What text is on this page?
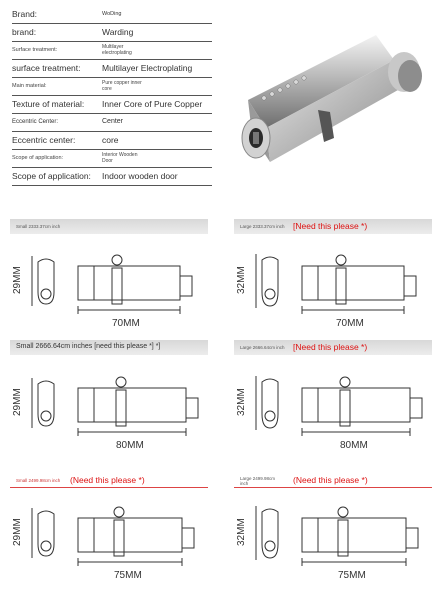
Brand:	WoDing
brand:	Warding
Surface treatment:	Multilayer electroplating
surface treatment:	Multilayer Electroplating
Main material:	Pure copper inner core
Texture of material: Inner Core of Pure Copper
Eccentric Center:	Center
Eccentric center:	core
Scope of application:	Interior Wooden Door
Scope of application: Indoor wooden door
Small 2333.37cm inch	Large 2333.37cm inch [Need this please *)
29MM
70MM
32MM
70MM
Small 2666.64cm inches [need this please *] *]	Large 2666.64cm inch [Need this please *)
29MM
80MM
32MM
80MM
Small 2499.98cm inch (Need this please *)	Large 2499.98cm inch	(Need this please *)
29MM
75MM
32MM
75MM
